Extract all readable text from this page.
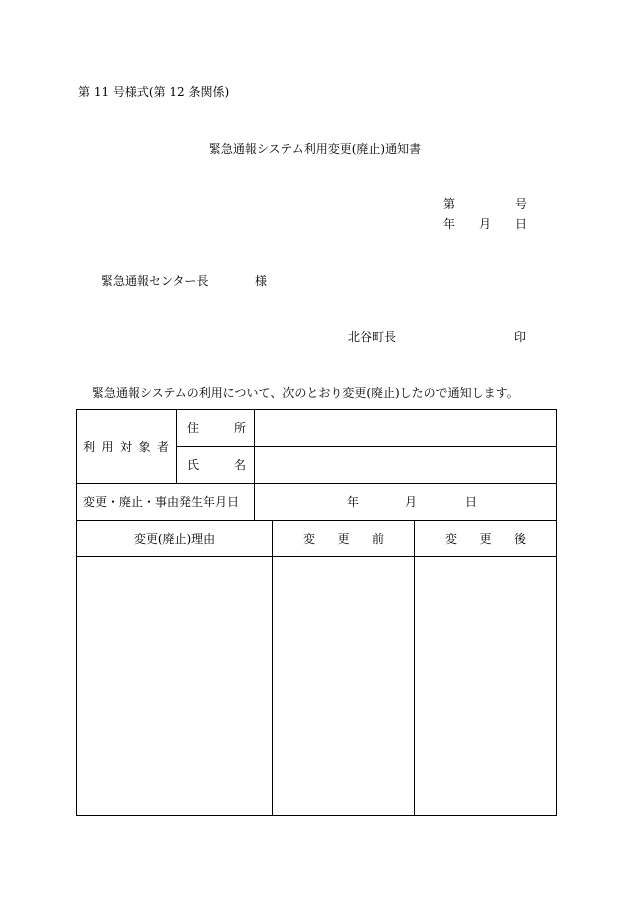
第 11 号様式(第 12 条関係)
緊急通報システム利用変更(廃止)通知書
第	号
年 月 日
緊急通報センター長	様
北谷町長	印
緊急通報システムの利用について、次のとおり変更(廃止)したので通知します。
利 用 対 象 者	住 所			

	氏 名			

変更・廃止・事由発生年月日		年 月 日		

変更(廃止)理由			変 更 前	変 更 後
